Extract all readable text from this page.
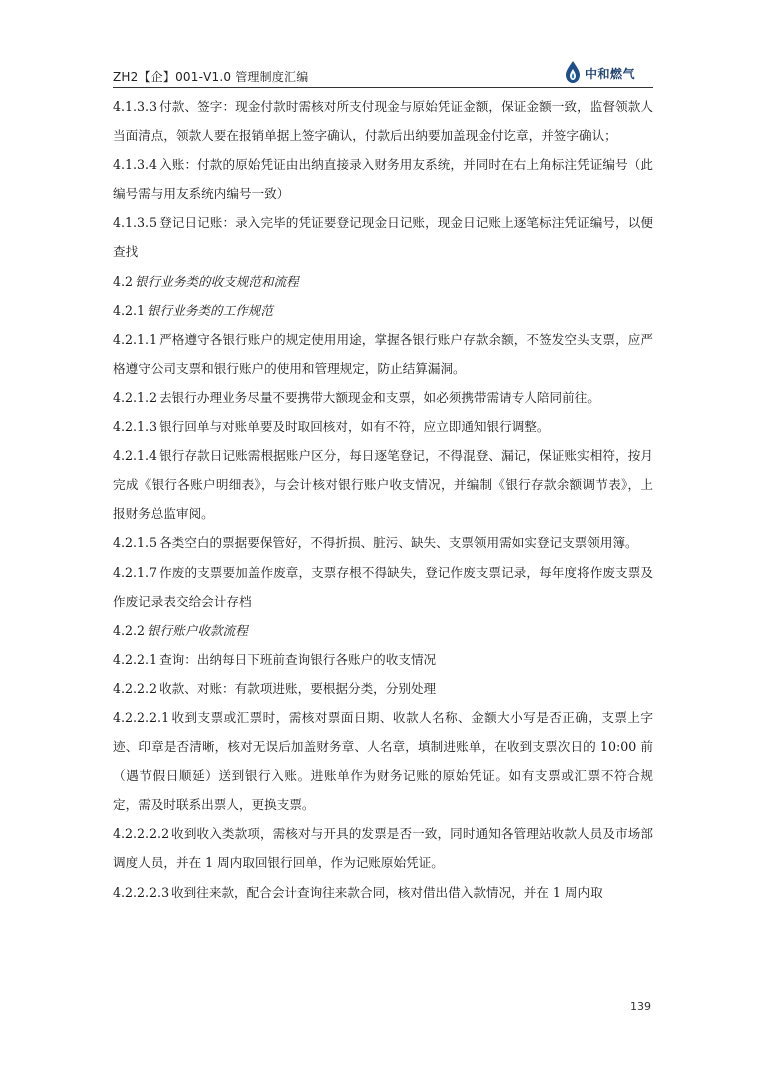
ZH2【企】001-V1.0 管理制度汇编	中和燃气

4.1.3.3 付款、签字：现金付款时需核对所支付现金与原始凭证金额，保证金额一致，监督领款人当面清点，领款人要在报销单据上签字确认，付款后出纳要加盖现金付讫章，并签字确认；

4.1.3.4 入账：付款的原始凭证由出纳直接录入财务用友系统，并同时在右上角标注凭证编号（此编号需与用友系统内编号一致）

4.1.3.5 登记日记账：录入完毕的凭证要登记现金日记账，现金日记账上逐笔标注凭证编号，以便查找

4.2 银行业务类的收支规范和流程

4.2.1 银行业务类的工作规范

4.2.1.1 严格遵守各银行账户的规定使用用途，掌握各银行账户存款余额，不签发空头支票，应严格遵守公司支票和银行账户的使用和管理规定，防止结算漏洞。

4.2.1.2 去银行办理业务尽量不要携带大额现金和支票，如必须携带需请专人陪同前往。

4.2.1.3 银行回单与对账单要及时取回核对，如有不符，应立即通知银行调整。

4.2.1.4 银行存款日记账需根据账户区分，每日逐笔登记，不得混登、漏记，保证账实相符，按月完成《银行各账户明细表》，与会计核对银行账户收支情况，并编制《银行存款余额调节表》，上报财务总监审阅。

4.2.1.5 各类空白的票据要保管好，不得折损、脏污、缺失、支票领用需如实登记支票领用簿。

4.2.1.7 作废的支票要加盖作废章，支票存根不得缺失，登记作废支票记录，每年度将作废支票及作废记录表交给会计存档

4.2.2 银行账户收款流程

4.2.2.1 查询：出纳每日下班前查询银行各账户的收支情况

4.2.2.2 收款、对账：有款项进账，要根据分类，分别处理

4.2.2.2.1 收到支票或汇票时，需核对票面日期、收款人名称、金额大小写是否正确，支票上字迹、印章是否清晰，核对无误后加盖财务章、人名章，填制进账单，在收到支票次日的 10:00 前（遇节假日顺延）送到银行入账。进账单作为财务记账的原始凭证。如有支票或汇票不符合规定，需及时联系出票人，更换支票。

4.2.2.2.2 收到收入类款项，需核对与开具的发票是否一致，同时通知各管理站收款人员及市场部调度人员，并在 1 周内取回银行回单，作为记账原始凭证。

4.2.2.2.3 收到往来款，配合会计查询往来款合同，核对借出借入款情况，并在 1 周内取

139
